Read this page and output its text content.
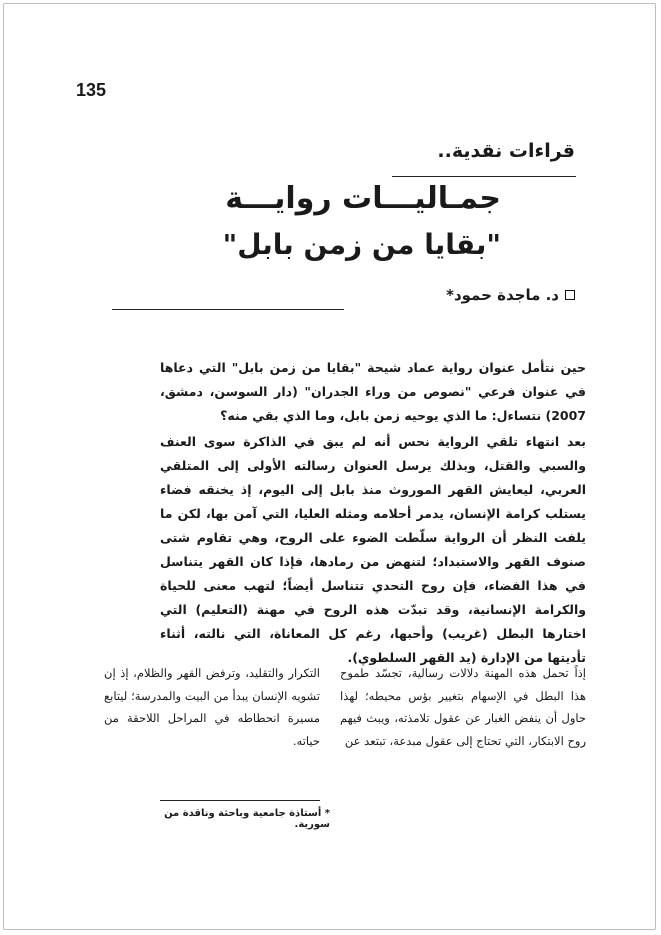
135
قراءات نقدية..
جمـاليـــات روايـــة
"بقايا من زمن بابل"
د. ماجدة حمود*

حين نتأمل عنوان رواية عماد شيحة "بقايا من زمن بابل" التي دعاها في عنوان فرعي "نصوص من وراء الجدران" (دار السوسن، دمشق، 2007) نتساءل: ما الذي يوحيه زمن بابل، وما الذي بقي منه؟

بعد انتهاء تلقي الرواية نحس أنه لم يبق في الذاكرة سوى العنف والسبي والقتل، وبذلك يرسل العنوان رسالته الأولى إلى المتلقي العربي، ليعايش القهر الموروث منذ بابل إلى اليوم، إذ يخنقه فضاء يستلب كرامة الإنسان، يدمر أحلامه ومثله العليا، التي آمن بها، لكن ما يلفت النظر أن الرواية سلّطت الضوء على الروح، وهي تقاوم شتى صنوف القهر والاستبداد؛ لتنهض من رمادها، فإذا كان القهر يتناسل في هذا الفضاء، فإن روح التحدي تتناسل أيضاً؛ لتهب معنى للحياة والكرامة الإنسانية، وقد تبدّت هذه الروح في مهنة (التعليم) التي اختارها البطل (غريب) وأحبها، رغم كل المعاناة، التي نالته، أثناء تأديتها من الإدارة (يد القهر السلطوي).

إذاً تحمل هذه المهنة دلالات رسالية، تجسّد طموح هذا البطل في الإسهام بتغيير بؤس محيطه؛ لهذا حاول أن ينفض الغبار عن عقول تلامذته، ويبث فيهم روح الابتكار، التي تحتاج إلى عقول مبدعة، تبتعد عن

التكرار والتقليد، وترفض القهر والظلام، إذ إن تشويه الإنسان يبدأ من البيت والمدرسة؛ ليتابع مسيرة انحطاطه في المراحل اللاحقة من حياته.

* أستاذة جامعية وباحثة وناقدة من سورية.
